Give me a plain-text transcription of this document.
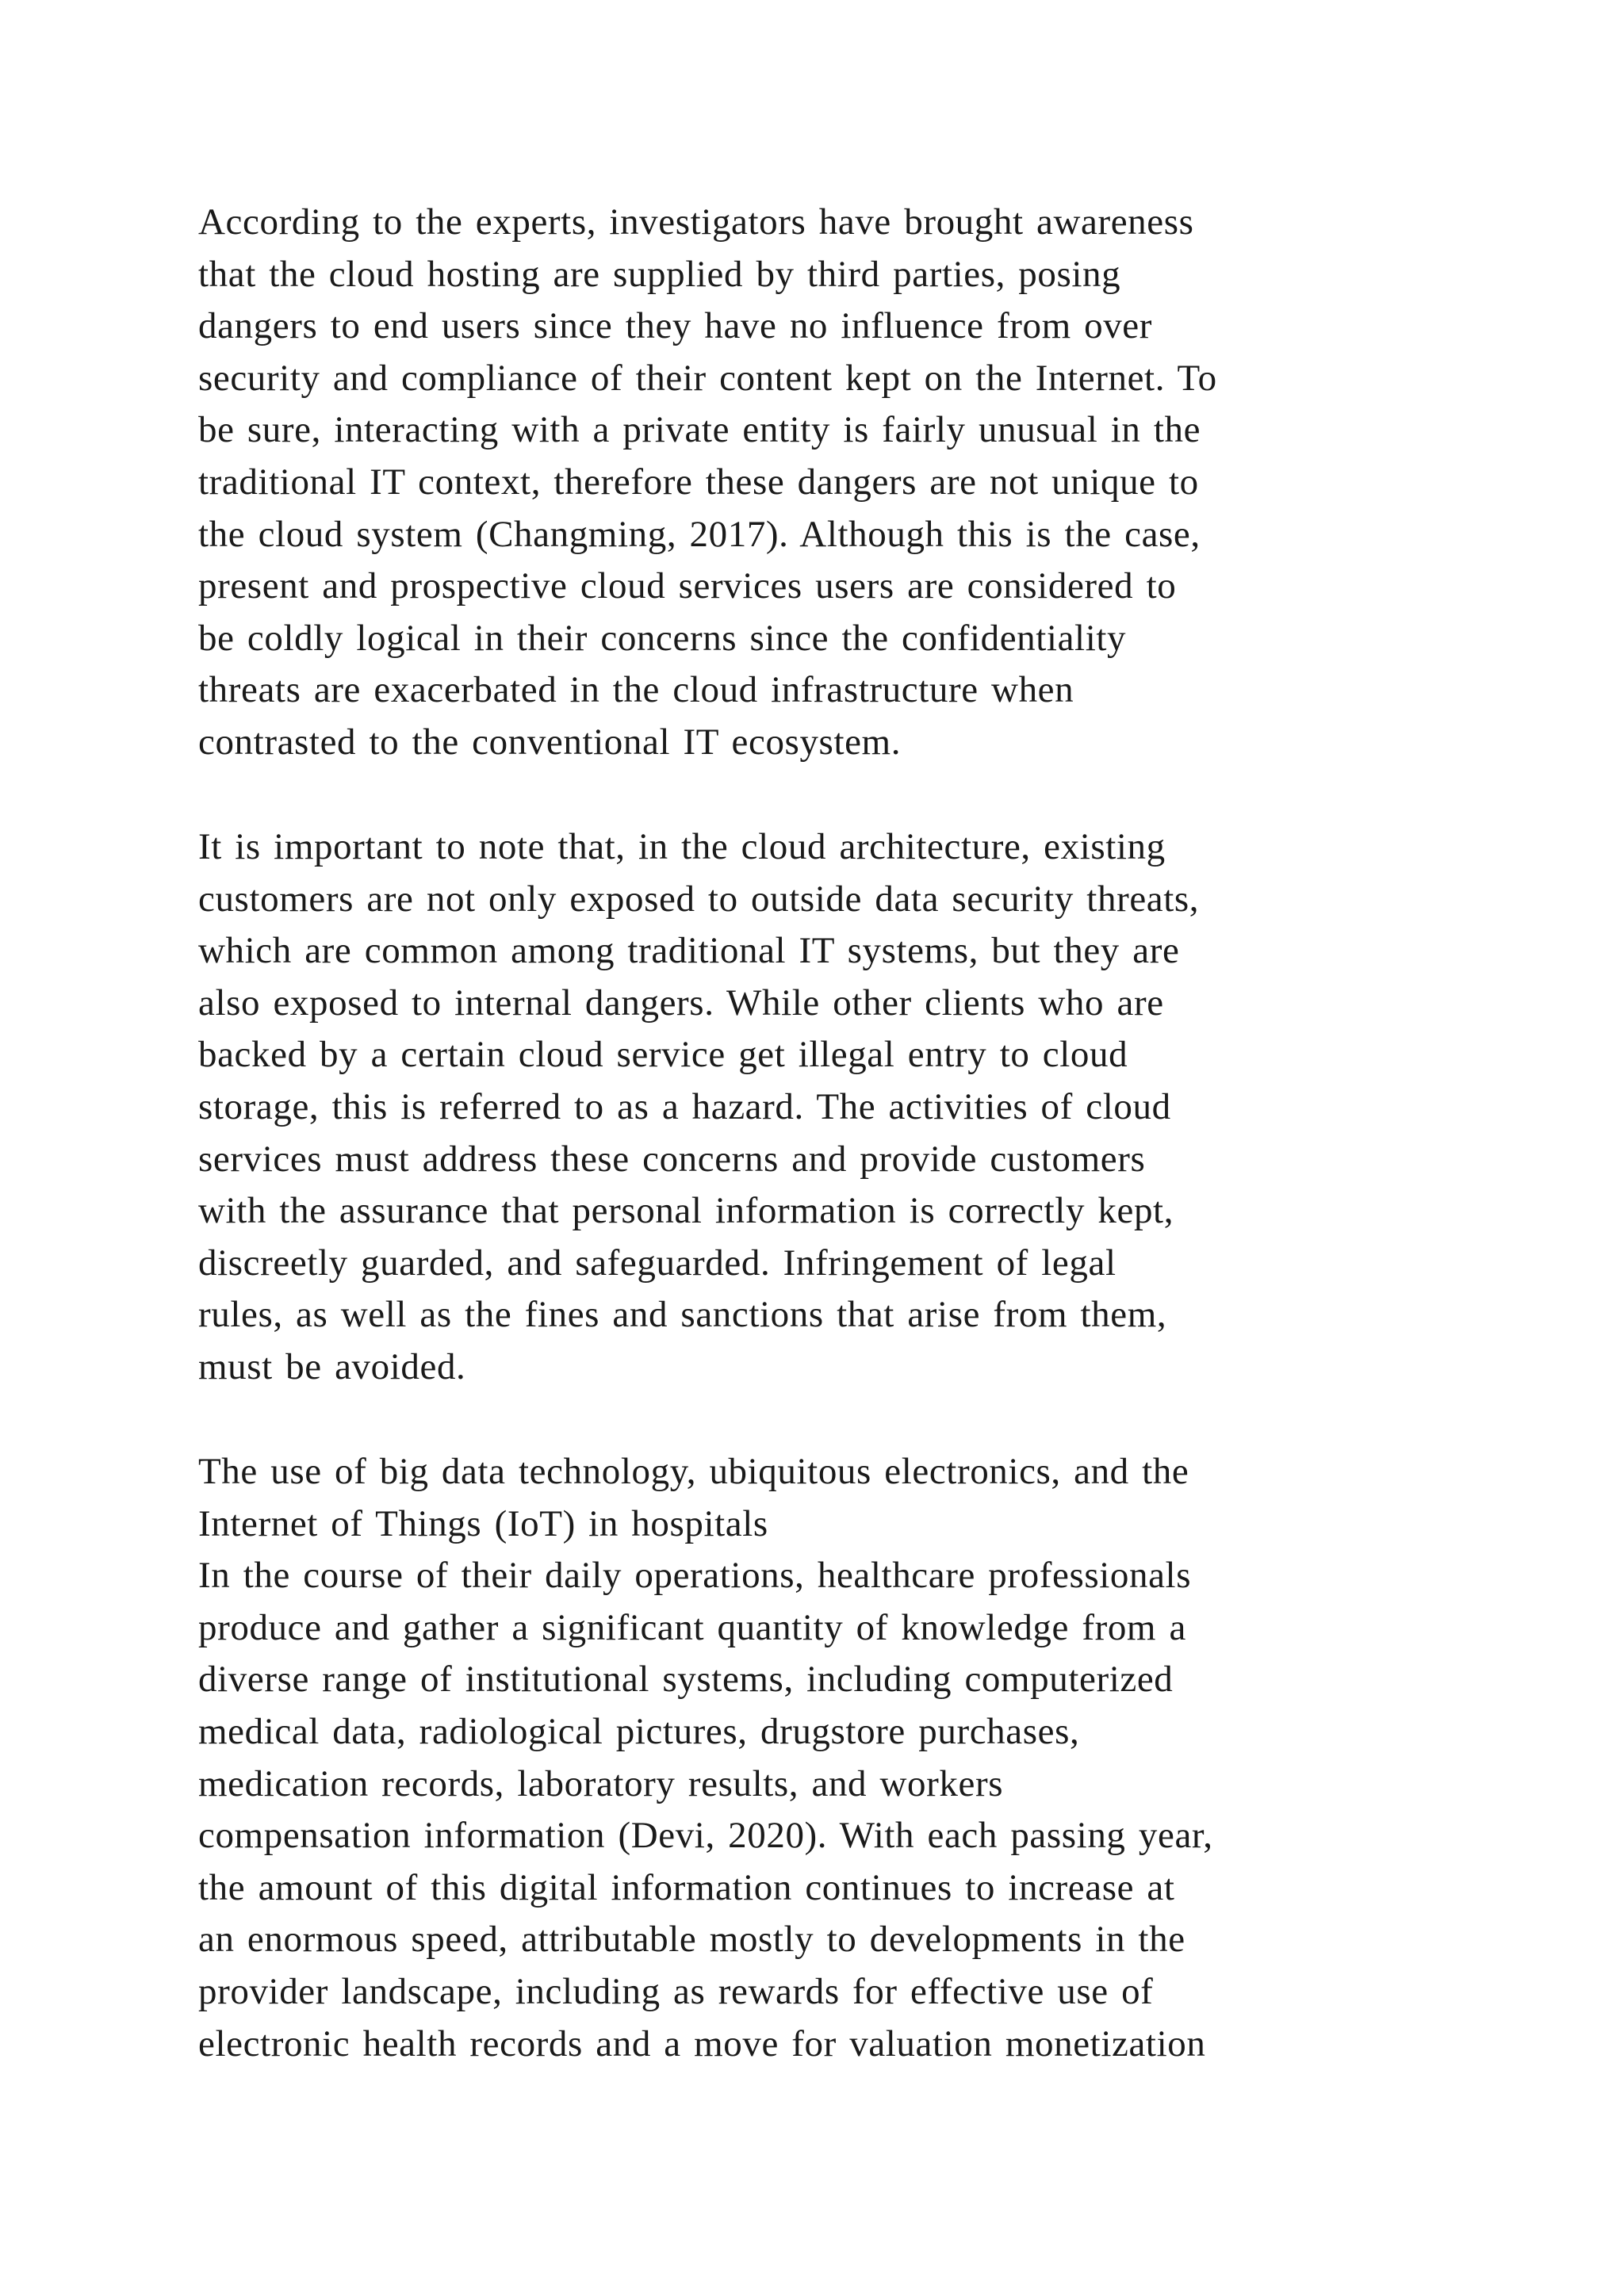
According to the experts, investigators have brought awareness
that the cloud hosting are supplied by third parties, posing
dangers to end users since they have no influence from over
security and compliance of their content kept on the Internet. To
be sure, interacting with a private entity is fairly unusual in the
traditional IT context, therefore these dangers are not unique to
the cloud system (Changming, 2017). Although this is the case,
present and prospective cloud services users are considered to
be coldly logical in their concerns since the confidentiality
threats are exacerbated in the cloud infrastructure when
contrasted to the conventional IT ecosystem.
It is important to note that, in the cloud architecture, existing
customers are not only exposed to outside data security threats,
which are common among traditional IT systems, but they are
also exposed to internal dangers. While other clients who are
backed by a certain cloud service get illegal entry to cloud
storage, this is referred to as a hazard. The activities of cloud
services must address these concerns and provide customers
with the assurance that personal information is correctly kept,
discreetly guarded, and safeguarded. Infringement of legal
rules, as well as the fines and sanctions that arise from them,
must be avoided.
The use of big data technology, ubiquitous electronics, and the
Internet of Things (IoT) in hospitals
In the course of their daily operations, healthcare professionals
produce and gather a significant quantity of knowledge from a
diverse range of institutional systems, including computerized
medical data, radiological pictures, drugstore purchases,
medication records, laboratory results, and workers
compensation information (Devi, 2020). With each passing year,
the amount of this digital information continues to increase at
an enormous speed, attributable mostly to developments in the
provider landscape, including as rewards for effective use of
electronic health records and a move for valuation monetization
